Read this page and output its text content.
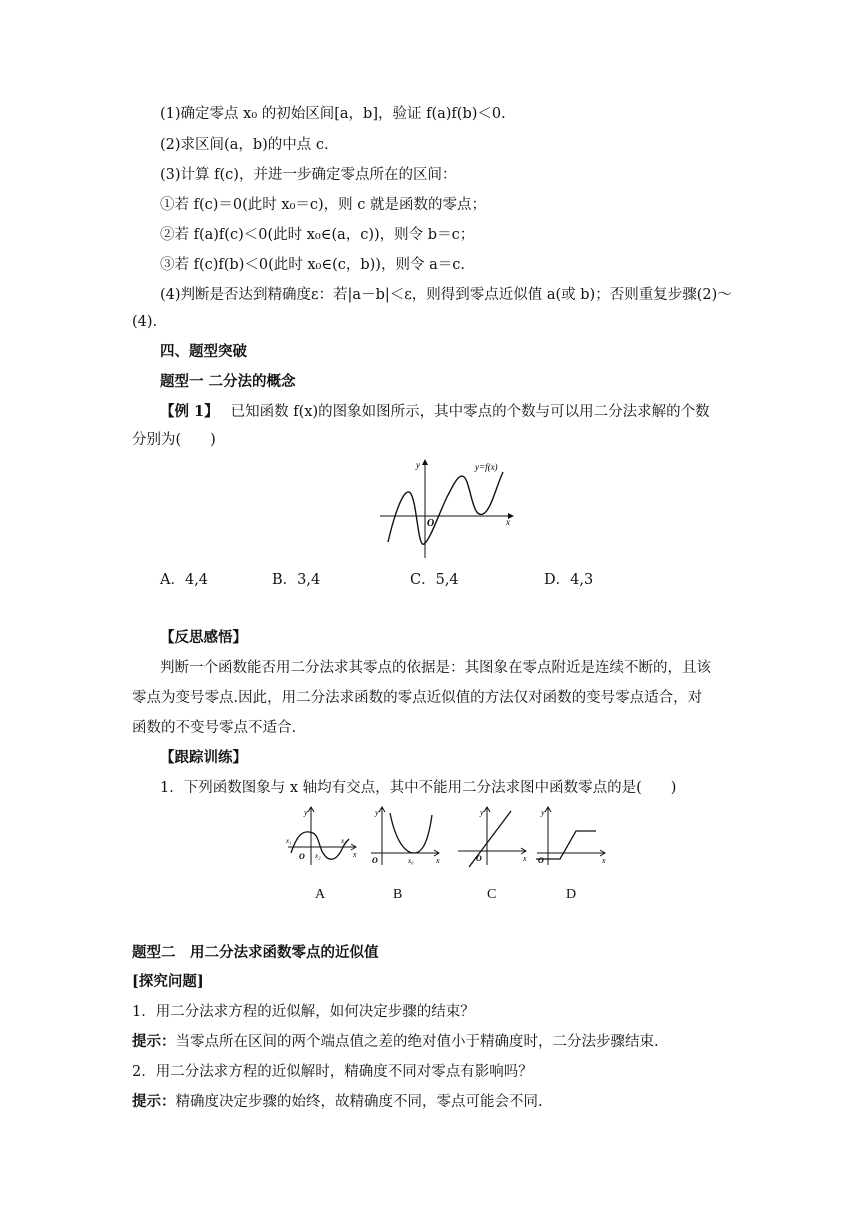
(1)确定零点 x₀ 的初始区间[a，b]，验证 f(a)f(b)＜0.

(2)求区间(a，b)的中点 c.

(3)计算 f(c)，并进一步确定零点所在的区间：

①若 f(c)＝0(此时 x₀＝c)，则 c 就是函数的零点；

②若 f(a)f(c)＜0(此时 x₀∈(a，c))，则令 b＝c；

③若 f(c)f(b)＜0(此时 x₀∈(c，b))，则令 a＝c.

(4)判断是否达到精确度ε：若|a－b|＜ε，则得到零点近似值 a(或 b)；否则重复步骤(2)～

(4).

四、题型突破

题型一 二分法的概念

【例 1】 已知函数 f(x)的图象如图所示，其中零点的个数与可以用二分法求解的个数

分别为(　　)

x
y
O
y=f(x)
A．4,4	B．3,4	C．5,4	D．4,3

【反思感悟】

判断一个函数能否用二分法求其零点的依据是：其图象在零点附近是连续不断的，且该

零点为变号零点.因此，用二分法求函数的零点近似值的方法仅对函数的变号零点适合，对

函数的不变号零点不适合.

【跟踪训练】

1．下列函数图象与 x 轴均有交点，其中不能用二分法求图中函数零点的是(　　)

y
x
O
x₁
x₂
x₃
y
x
O	x₀
y
x
O
y
x
O
A	B	C	D

题型二　用二分法求函数零点的近似值

[探究问题]

1．用二分法求方程的近似解，如何决定步骤的结束？

提示：当零点所在区间的两个端点值之差的绝对值小于精确度时，二分法步骤结束.

2．用二分法求方程的近似解时，精确度不同对零点有影响吗？

提示：精确度决定步骤的始终，故精确度不同，零点可能会不同.
